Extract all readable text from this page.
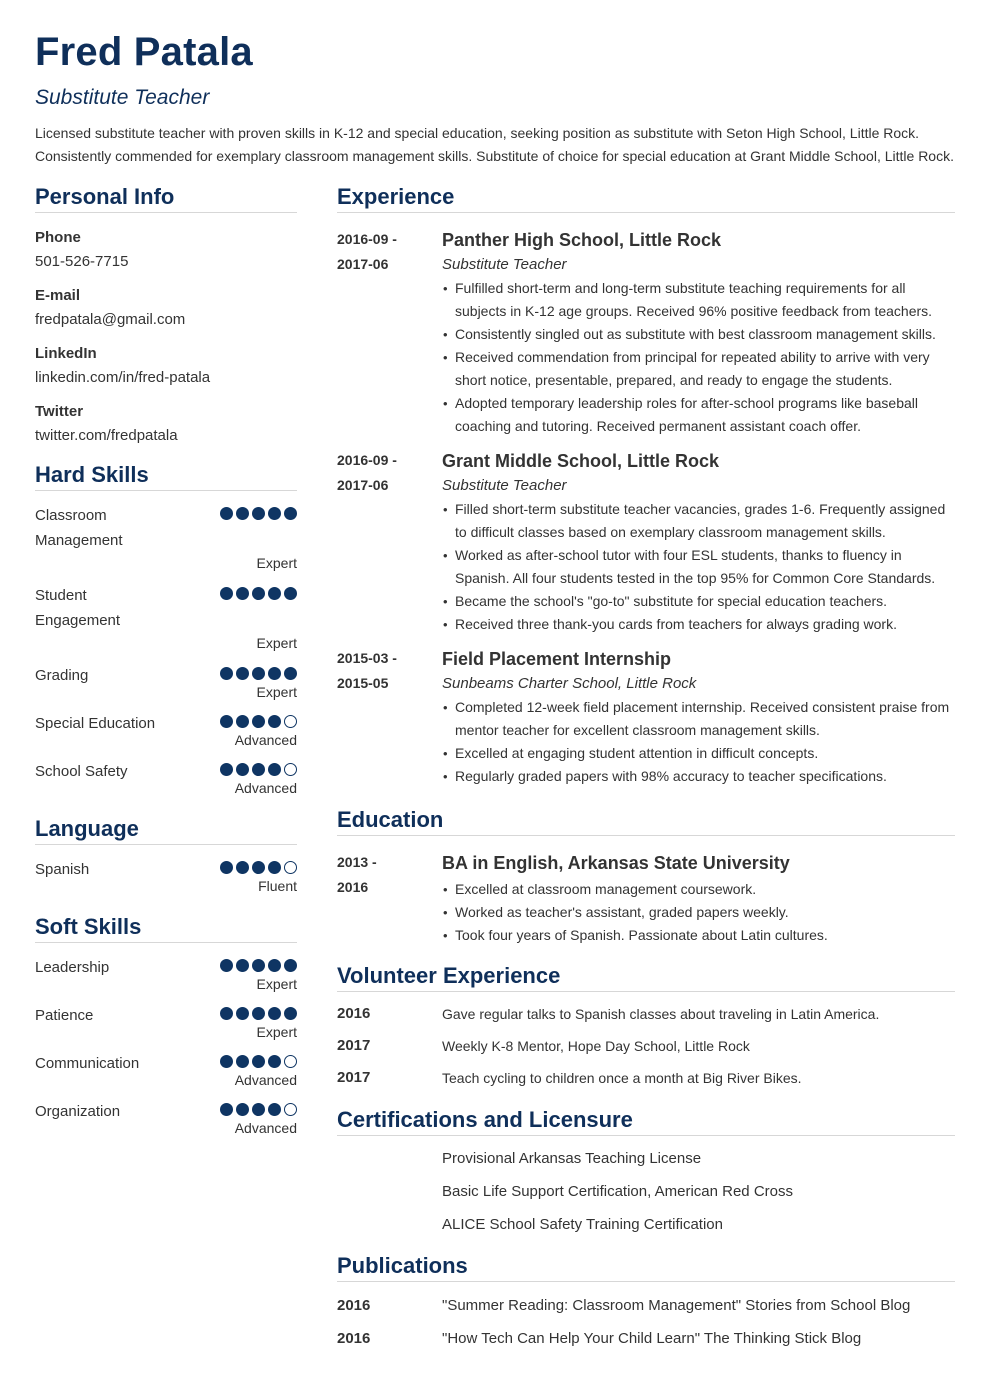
Fred Patala
Substitute Teacher
Licensed substitute teacher with proven skills in K-12 and special education, seeking position as substitute with Seton High School, Little Rock. Consistently commended for exemplary classroom management skills. Substitute of choice for special education at Grant Middle School, Little Rock.
Personal Info
Phone
501-526-7715
E-mail
fredpatala@gmail.com
LinkedIn
linkedin.com/in/fred-patala
Twitter
twitter.com/fredpatala
Hard Skills
Classroom Management
Expert
Student Engagement
Expert
Grading
Expert
Special Education
Advanced
School Safety
Advanced
Language
Spanish
Fluent
Soft Skills
Leadership
Expert
Patience
Expert
Communication
Advanced
Organization
Advanced
Experience
2016-09 -
2017-06
Panther High School, Little Rock
Substitute Teacher
• Fulfilled short-term and long-term substitute teaching requirements for all subjects in K-12 age groups. Received 96% positive feedback from teachers.
• Consistently singled out as substitute with best classroom management skills.
• Received commendation from principal for repeated ability to arrive with very short notice, presentable, prepared, and ready to engage the students.
• Adopted temporary leadership roles for after-school programs like baseball coaching and tutoring. Received permanent assistant coach offer.
2016-09 -
2017-06
Grant Middle School, Little Rock
Substitute Teacher
• Filled short-term substitute teacher vacancies, grades 1-6. Frequently assigned to difficult classes based on exemplary classroom management skills.
• Worked as after-school tutor with four ESL students, thanks to fluency in Spanish. All four students tested in the top 95% for Common Core Standards.
• Became the school's "go-to" substitute for special education teachers.
• Received three thank-you cards from teachers for always grading work.
2015-03 -
2015-05
Field Placement Internship
Sunbeams Charter School, Little Rock
• Completed 12-week field placement internship. Received consistent praise from mentor teacher for excellent classroom management skills.
• Excelled at engaging student attention in difficult concepts.
• Regularly graded papers with 98% accuracy to teacher specifications.
Education
2013 -
2016
BA in English, Arkansas State University
• Excelled at classroom management coursework.
• Worked as teacher's assistant, graded papers weekly.
• Took four years of Spanish. Passionate about Latin cultures.
Volunteer Experience
2016	Gave regular talks to Spanish classes about traveling in Latin America.
2017	Weekly K-8 Mentor, Hope Day School, Little Rock
2017	Teach cycling to children once a month at Big River Bikes.
Certifications and Licensure
Provisional Arkansas Teaching License
Basic Life Support Certification, American Red Cross
ALICE School Safety Training Certification
Publications
2016	"Summer Reading: Classroom Management" Stories from School Blog
2016	"How Tech Can Help Your Child Learn" The Thinking Stick Blog
